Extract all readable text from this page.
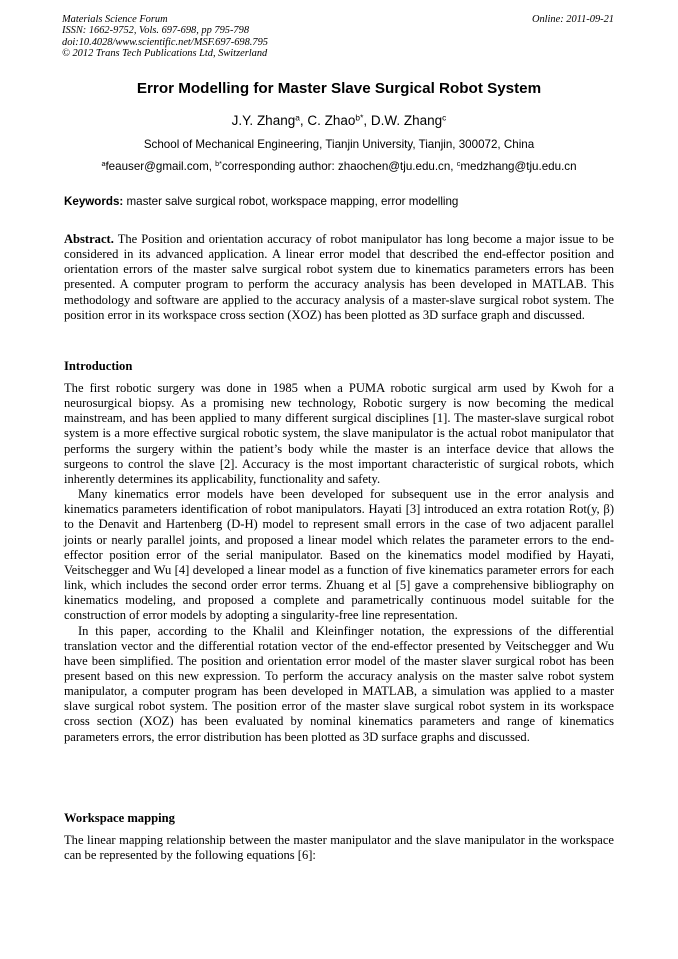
Materials Science Forum
ISSN: 1662-9752, Vols. 697-698, pp 795-798
doi:10.4028/www.scientific.net/MSF.697-698.795
© 2012 Trans Tech Publications Ltd, Switzerland
Online: 2011-09-21
Error Modelling for Master Slave Surgical Robot System
J.Y. Zhang$^a$, C. Zhao$^{b*}$, D.W. Zhang$^c$
School of Mechanical Engineering, Tianjin University, Tianjin, 300072, China
$^a$feauser@gmail.com, $^{b*}$corresponding author: zhaochen@tju.edu.cn, $^c$medzhang@tju.edu.cn
Keywords: master salve surgical robot, workspace mapping, error modelling

Abstract. The Position and orientation accuracy of robot manipulator has long become a major issue to be considered in its advanced application. A linear error model that described the end-effector position and orientation errors of the master salve surgical robot system due to kinematics parameters errors has been presented. A computer program to perform the accuracy analysis has been developed in MATLAB. This methodology and software are applied to the accuracy analysis of a master-slave surgical robot system. The position error in its workspace cross section (XOZ) has been plotted as 3D surface graph and discussed.

Introduction

The first robotic surgery was done in 1985 when a PUMA robotic surgical arm used by Kwoh for a neurosurgical biopsy. As a promising new technology, Robotic surgery is now becoming the medical mainstream, and has been applied to many different surgical disciplines [1]. The master-slave surgical robot system is a more effective surgical robotic system, the slave manipulator is the actual robot manipulator that performs the surgery within the patient’s body while the master is an interface device that allows the surgeons to control the slave [2]. Accuracy is the most important characteristic of surgical robots, which inherently determines its applicability, functionality and safety.

Many kinematics error models have been developed for subsequent use in the error analysis and kinematics parameters identification of robot manipulators. Hayati [3] introduced an extra rotation Rot(y, β) to the Denavit and Hartenberg (D-H) model to represent small errors in the case of two adjacent parallel joints or nearly parallel joints, and proposed a linear model which relates the parameter errors to the end-effector position error of the serial manipulator. Based on the kinematics model modified by Hayati, Veitschegger and Wu [4] developed a linear model as a function of five kinematics parameter errors for each link, which includes the second order error terms. Zhuang et al [5] gave a comprehensive bibliography on kinematics modeling, and proposed a complete and parametrically continuous model suitable for the construction of error models by adopting a singularity-free line representation.

In this paper, according to the Khalil and Kleinfinger notation, the expressions of the differential translation vector and the differential rotation vector of the end-effector presented by Veitschegger and Wu have been simplified. The position and orientation error model of the master slaver surgical robot has been present based on this new expression. To perform the accuracy analysis on the master salve robot system manipulator, a computer program has been developed in MATLAB, a simulation was applied to a master slave surgical robot system. The position error of the master slave surgical robot system in its workspace cross section (XOZ) has been evaluated by nominal kinematics parameters and range of kinematics parameters errors, the error distribution has been plotted as 3D surface graphs and discussed.

Workspace mapping

The linear mapping relationship between the master manipulator and the slave manipulator in the workspace can be represented by the following equations [6]:
